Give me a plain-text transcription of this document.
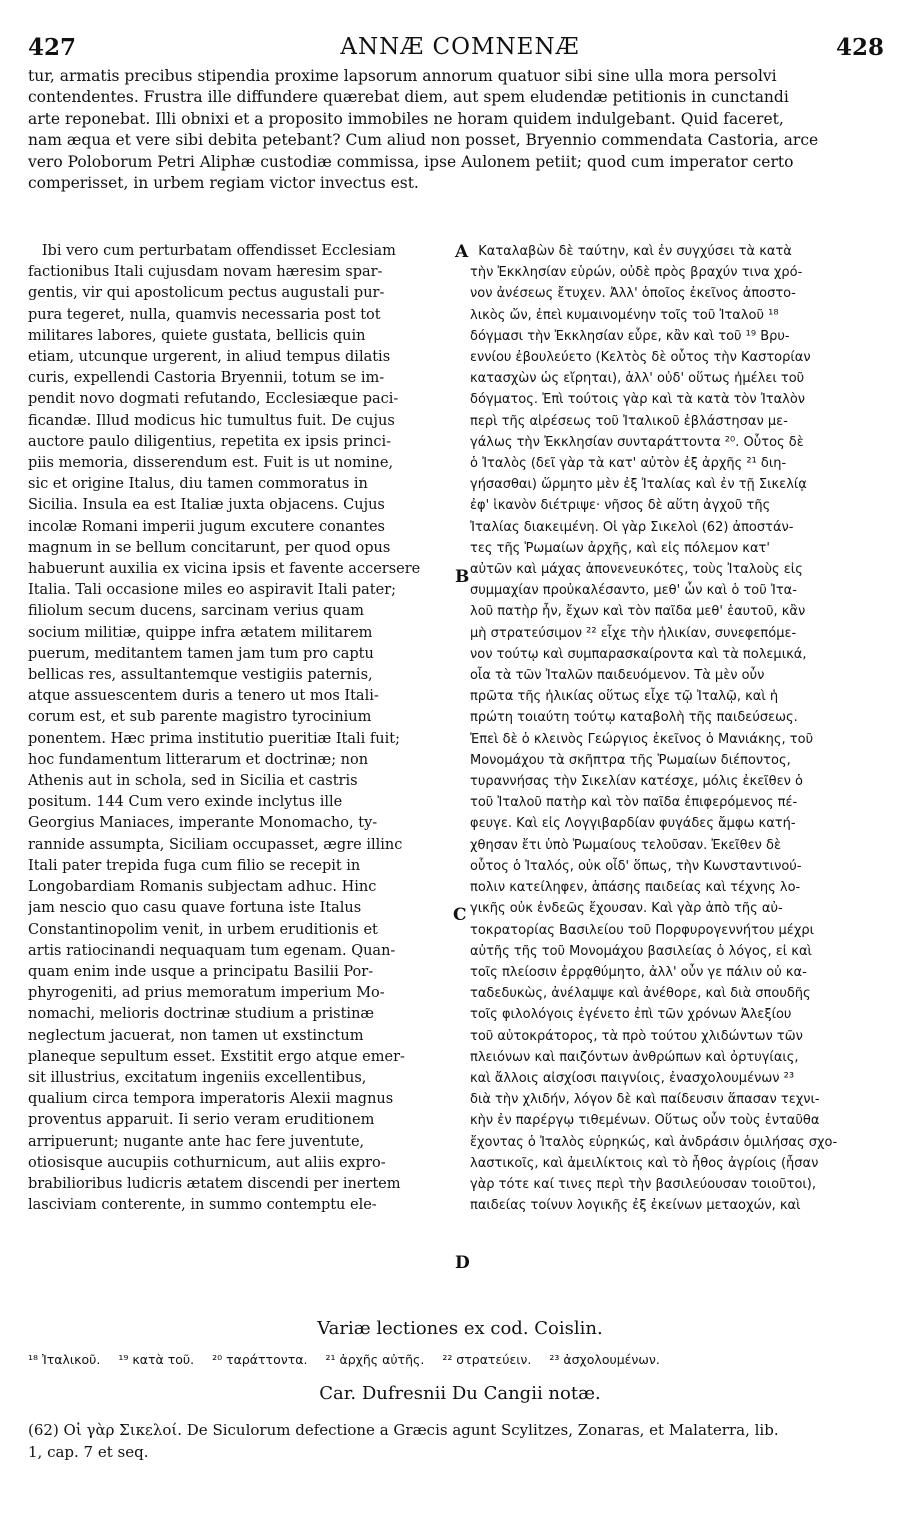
427	ANNÆ COMNENÆ	428
tur, armatis precibus stipendia proxime lapsorum annorum quatuor sibi sine ulla mora persolvi
contendentes. Frustra ille diffundere quærebat diem, aut spem eludendæ petitionis in cunctandi
arte reponebat. Illi obnixi et a proposito immobiles ne horam quidem indulgebant. Quid faceret,
nam æqua et vere sibi debita petebant? Cum aliud non posset, Bryennio commendata Castoria, arce
vero Poloborum Petri Aliphæ custodiæ commissa, ipse Aulonem petiit; quod cum imperator certo
comperisset, in urbem regiam victor invectus est.
Ibi vero cum perturbatam offendisset Ecclesiam
factionibus Itali cujusdam novam hæresim spar-
gentis, vir qui apostolicum pectus augustali pur-
pura tegeret, nulla, quamvis necessaria post tot
militares labores, quiete gustata, bellicis quin
etiam, utcunque urgerent, in aliud tempus dilatis
curis, expellendi Castoria Bryennii, totum se im-
pendit novo dogmati refutando, Ecclesiæque paci-
ficandæ. Illud modicus hic tumultus fuit. De cujus
auctore paulo diligentius, repetita ex ipsis princi-
piis memoria, disserendum est. Fuit is ut nomine,
sic et origine Italus, diu tamen commoratus in
Sicilia. Insula ea est Italiæ juxta objacens. Cujus
incolæ Romani imperii jugum excutere conantes
magnum in se bellum concitarunt, per quod opus
habuerunt auxilia ex vicina ipsis et favente accersere
Italia. Tali occasione miles eo aspiravit Itali pater;
filiolum secum ducens, sarcinam verius quam
socium militiæ, quippe infra ætatem militarem
puerum, meditantem tamen jam tum pro captu
bellicas res, assultantemque vestigiis paternis,
atque assuescentem duris a tenero ut mos Itali-
corum est, et sub parente magistro tyrocinium
ponentem. Hæc prima institutio pueritiæ Itali fuit;
hoc fundamentum litterarum et doctrinæ; non
Athenis aut in schola, sed in Sicilia et castris
positum. 144 Cum vero exinde inclytus ille
Georgius Maniaces, imperante Monomacho, ty-
rannide assumpta, Siciliam occupasset, ægre illinc
Itali pater trepida fuga cum filio se recepit in
Longobardiam Romanis subjectam adhuc. Hinc
jam nescio quo casu quave fortuna iste Italus
Constantinopolim venit, in urbem eruditionis et
artis ratiocinandi nequaquam tum egenam. Quan-
quam enim inde usque a principatu Basilii Por-
phyrogeniti, ad prius memoratum imperium Mo-
nomachi, melioris doctrinæ studium a pristinæ
neglectum jacuerat, non tamen ut exstinctum
planeque sepultum esset. Exstitit ergo atque emer-
sit illustrius, excitatum ingeniis excellentibus,
qualium circa tempora imperatoris Alexii magnus
proventus apparuit. Ii serio veram eruditionem
arripuerunt; nugante ante hac fere juventute,
otiosisque aucupiis cothurnicum, aut aliis expro-
brabilioribus ludicris ætatem discendi per inertem
lasciviam conterente, in summo contemptu ele-
Καταλαβὼν δὲ ταύτην, καὶ ἐν συγχύσει τὰ κατὰ
τὴν Ἐκκλησίαν εὑρών, οὐδὲ πρὸς βραχύν τινα χρό-
νον ἀνέσεως ἔτυχεν. Ἀλλ' ὁποῖος ἐκεῖνος ἀποστο-
λικὸς ὤν, ἐπεὶ κυμαινομένην τοῖς τοῦ Ἰταλοῦ ¹⁸
δόγμασι τὴν Ἐκκλησίαν εὗρε, κἂν καὶ τοῦ ¹⁹ Βρυ-
εννίου ἐβουλεύετο (Κελτὸς δὲ οὗτος τὴν Καστορίαν
κατασχὼν ὡς εἴρηται), ἀλλ' οὐδ' οὕτως ἠμέλει τοῦ
δόγματος. Ἐπὶ τούτοις γὰρ καὶ τὰ κατὰ τὸν Ἰταλὸν
περὶ τῆς αἱρέσεως τοῦ Ἰταλικοῦ ἐβλάστησαν με-
γάλως τὴν Ἐκκλησίαν συνταράττοντα ²⁰. Οὗτος δὲ
ὁ Ἰταλὸς (δεῖ γὰρ τὰ κατ' αὐτὸν ἐξ ἀρχῆς ²¹ διη-
γήσασθαι) ὥρμητο μὲν ἐξ Ἰταλίας καὶ ἐν τῇ Σικελίᾳ
ἐφ' ἱκανὸν διέτριψε· νῆσος δὲ αὕτη ἀγχοῦ τῆς
Ἰταλίας διακειμένη. Οἱ γὰρ Σικελοὶ (62) ἀποστάν-
τες τῆς Ῥωμαίων ἀρχῆς, καὶ εἰς πόλεμον κατ'
αὐτῶν καὶ μάχας ἀπονενευκότες, τοὺς Ἰταλοὺς εἰς
συμμαχίαν προὐκαλέσαντο, μεθ' ὧν καὶ ὁ τοῦ Ἰτα-
λοῦ πατὴρ ἦν, ἔχων καὶ τὸν παῖδα μεθ' ἑαυτοῦ, κἂν
μὴ στρατεύσιμον ²² εἶχε τὴν ἡλικίαν, συνεφεπόμε-
νον τούτῳ καὶ συμπαρασκαίροντα καὶ τὰ πολεμικά,
οἷα τὰ τῶν Ἰταλῶν παιδευόμενον. Τὰ μὲν οὖν
πρῶτα τῆς ἡλικίας οὕτως εἶχε τῷ Ἰταλῷ, καὶ ἡ
πρώτη τοιαύτη τούτῳ καταβολὴ τῆς παιδεύσεως.
Ἐπεὶ δὲ ὁ κλεινὸς Γεώργιος ἐκεῖνος ὁ Μανιάκης, τοῦ
Μονομάχου τὰ σκῆπτρα τῆς Ῥωμαίων διέποντος,
τυραννήσας τὴν Σικελίαν κατέσχε, μόλις ἐκεῖθεν ὁ
τοῦ Ἰταλοῦ πατὴρ καὶ τὸν παῖδα ἐπιφερόμενος πέ-
φευγε. Καὶ εἰς Λογγιβαρδίαν φυγάδες ἄμφω κατή-
χθησαν ἔτι ὑπὸ Ῥωμαίους τελοῦσαν. Ἐκεῖθεν δὲ
οὗτος ὁ Ἰταλός, οὐκ οἶδ' ὅπως, τὴν Κωνσταντινού-
πολιν κατείληφεν, ἁπάσης παιδείας καὶ τέχνης λο-
γικῆς οὐκ ἐνδεῶς ἔχουσαν. Καὶ γὰρ ἀπὸ τῆς αὐ-
τοκρατορίας Βασιλείου τοῦ Πορφυρογεννήτου μέχρι
αὐτῆς τῆς τοῦ Μονομάχου βασιλείας ὁ λόγος, εἰ καὶ
τοῖς πλείοσιν ἐρρᾳθύμητο, ἀλλ' οὖν γε πάλιν οὐ κα-
ταδεδυκὼς, ἀνέλαμψε καὶ ἀνέθορε, καὶ διὰ σπουδῆς
τοῖς φιλολόγοις ἐγένετο ἐπὶ τῶν χρόνων Ἀλεξίου
τοῦ αὐτοκράτορος, τὰ πρὸ τούτου χλιδώντων τῶν
πλειόνων καὶ παιζόντων ἀνθρώπων καὶ ὀρτυγίαις,
καὶ ἄλλοις αἰσχίοσι παιγνίοις, ἐνασχολουμένων ²³
διὰ τὴν χλιδήν, λόγον δὲ καὶ παίδευσιν ἅπασαν τεχνι-
κὴν ἐν παρέργῳ τιθεμένων. Οὕτως οὖν τοὺς ἐνταῦθα
ἔχοντας ὁ Ἰταλὸς εὑρηκώς, καὶ ἀνδράσιν ὁμιλήσας σχο-
λαστικοῖς, καὶ ἀμειλίκτοις καὶ τὸ ἦθος ἀγρίοις (ἦσαν
γὰρ τότε καί τινες περὶ τὴν βασιλεύουσαν τοιοῦτοι),
παιδείας τοίνυν λογικῆς ἐξ ἐκείνων μεταοχών, καὶ
A
B
C
D
Variæ lectiones ex cod. Coislin.
¹⁸ Ἰταλικοῦ. ¹⁹ κατὰ τοῦ. ²⁰ ταράττοντα. ²¹ ἀρχῆς αὐτῆς. ²² στρατεύειν. ²³ ἀσχολουμένων.
Car. Dufresnii Du Cangii notæ.
(62) Οἱ γὰρ Σικελοί. De Siculorum defectione a Græcis agunt Scylitzes, Zonaras, et Malaterra, lib.
1, cap. 7 et seq.
